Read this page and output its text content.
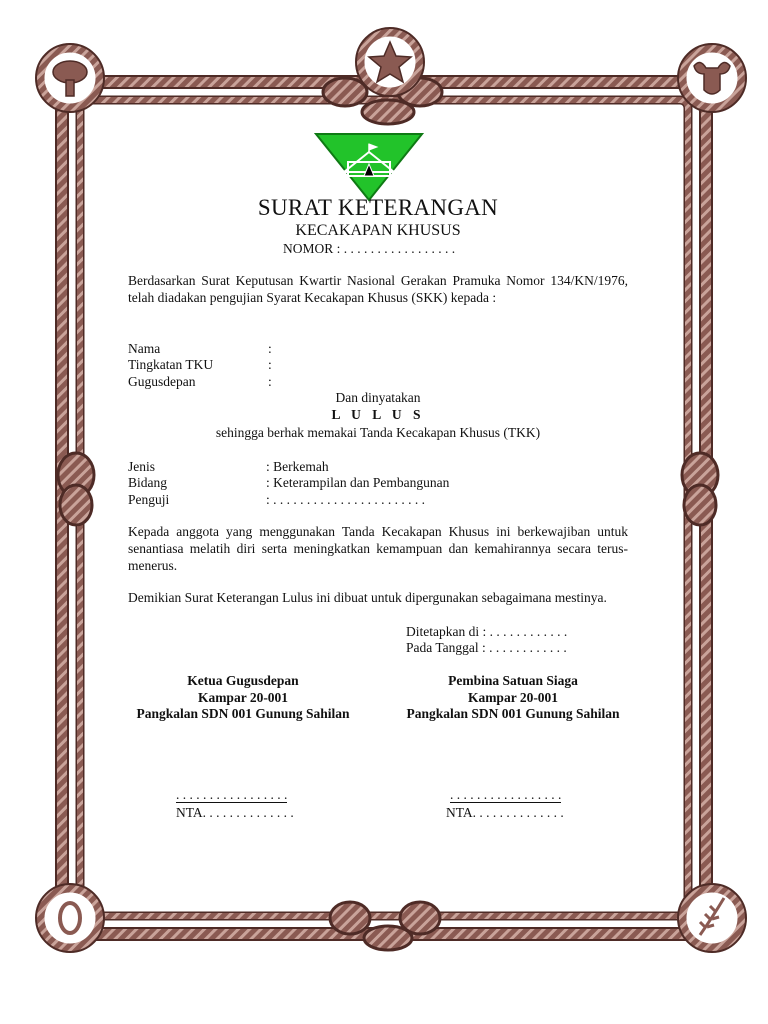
SURAT KETERANGAN
KECAKAPAN KHUSUS
NOMOR : . . . . . . . . . . . . . . . . .
Berdasarkan Surat Keputusan Kwartir Nasional Gerakan Pramuka Nomor 134/KN/1976, telah diadakan pengujian Syarat Kecakapan Khusus (SKK) kepada :
Nama	:
Tingkatan TKU	:
Gugusdepan	:
Dan dinyatakan
L U L U S
sehingga berhak memakai Tanda Kecakapan Khusus (TKK)
Jenis	: Berkemah
Bidang	: Keterampilan dan Pembangunan
Penguji	: . . . . . . . . . . . . . . . . . . . . . . .
Kepada anggota yang menggunakan Tanda Kecakapan Khusus ini berkewajiban untuk senantiasa melatih diri serta meningkatkan kemampuan dan kemahirannya secara terus-menerus.
Demikian Surat Keterangan Lulus ini dibuat untuk dipergunakan sebagaimana mestinya.
Ditetapkan di : . . . . . . . . . . . .
Pada Tanggal : . . . . . . . . . . . .
Ketua Gugusdepan
Kampar 20-001
Pangkalan SDN 001 Gunung Sahilan
. . . . . . . . . . . . . . . . .
NTA. . . . . . . . . . . . . .
Pembina Satuan Siaga
Kampar 20-001
Pangkalan SDN 001 Gunung Sahilan
. . . . . . . . . . . . . . . . .
NTA. . . . . . . . . . . . . .
